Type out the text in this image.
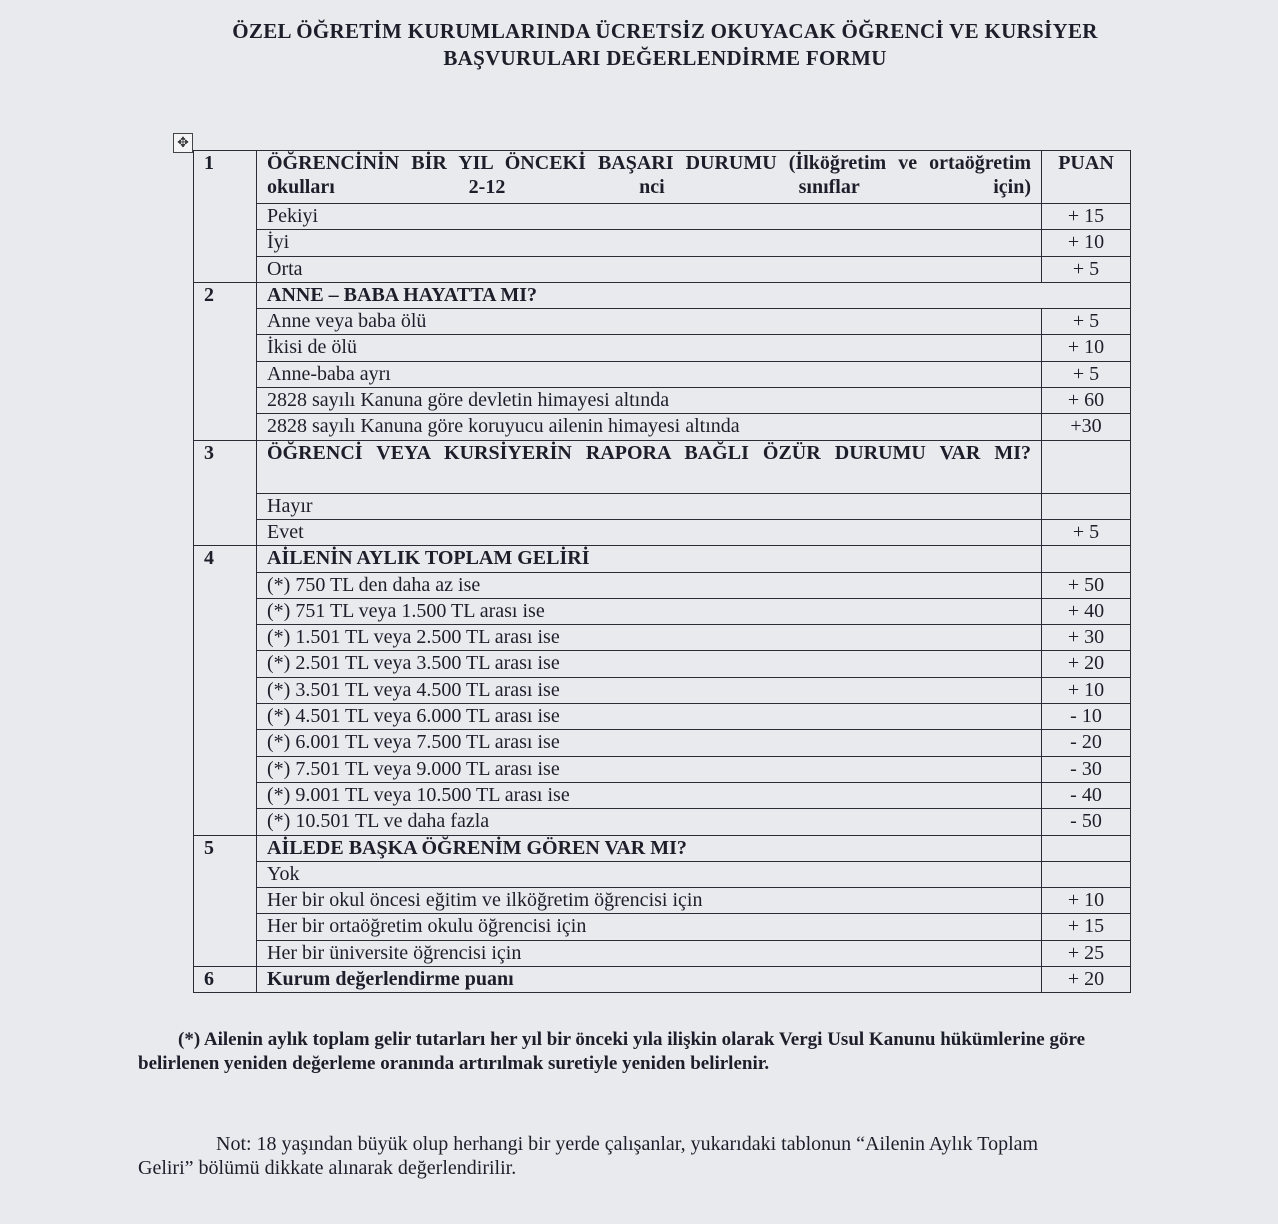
ÖZEL ÖĞRETİM KURUMLARINDA ÜCRETSİZ OKUYACAK ÖĞRENCİ VE KURSİYER
BAŞVURULARI DEĞERLENDİRME FORMU
✥
1	ÖĞRENCİNİN BİR YIL ÖNCEKİ BAŞARI DURUMU (İlköğretim ve ortaöğretim okulları 2-12 nci sınıflar için)	PUAN
	Pekiyi	+ 15
	İyi	+ 10
	Orta	+ 5
2	ANNE – BABA HAYATTA MI?	
	Anne veya baba ölü	+ 5
	İkisi de ölü	+ 10
	Anne-baba ayrı	+ 5
	2828 sayılı Kanuna göre devletin himayesi altında	+ 60
	2828 sayılı Kanuna göre koruyucu ailenin himayesi altında	+30
3	ÖĞRENCİ VEYA KURSİYERİN RAPORA BAĞLI ÖZÜR DURUMU VAR MI?	
	Hayır	
	Evet	+ 5
4	AİLENİN AYLIK TOPLAM GELİRİ	
	(*) 750 TL den daha az ise	+ 50
	(*) 751 TL veya 1.500 TL arası ise	+ 40
	(*) 1.501 TL veya 2.500 TL arası ise	+ 30
	(*) 2.501 TL veya 3.500 TL arası ise	+ 20
	(*) 3.501 TL veya 4.500 TL arası ise	+ 10
	(*) 4.501 TL veya 6.000 TL arası ise	- 10
	(*) 6.001 TL veya 7.500 TL arası ise	- 20
	(*) 7.501 TL veya 9.000 TL arası ise	- 30
	(*) 9.001 TL veya 10.500 TL arası ise	- 40
	(*) 10.501 TL ve daha fazla	- 50
5	AİLEDE BAŞKA ÖĞRENİM GÖREN VAR MI?	
	Yok	
	Her bir okul öncesi eğitim ve ilköğretim öğrencisi için	+ 10
	Her bir ortaöğretim okulu öğrencisi için	+ 15
	Her bir üniversite öğrencisi için	+ 25
6	Kurum değerlendirme puanı	+ 20
(*) Ailenin aylık toplam gelir tutarları her yıl bir önceki yıla ilişkin olarak Vergi Usul Kanunu hükümlerine göre
belirlenen yeniden değerleme oranında artırılmak suretiyle yeniden belirlenir.
Not: 18 yaşından büyük olup herhangi bir yerde çalışanlar, yukarıdaki tablonun “Ailenin Aylık Toplam
Geliri” bölümü dikkate alınarak değerlendirilir.
